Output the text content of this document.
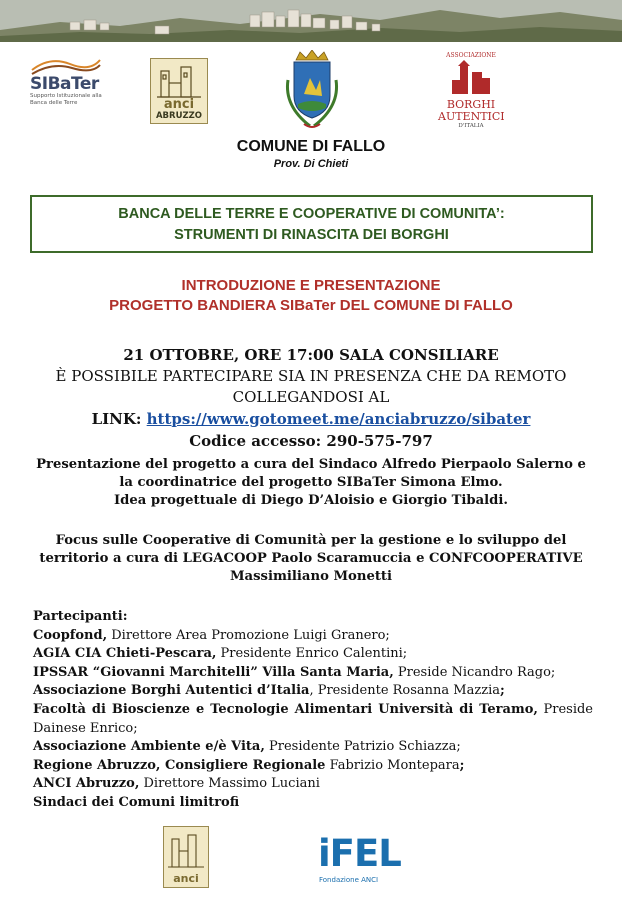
SIBaTer
Supporto Istituzionale alla Banca delle Terre	anci
ABRUZZO
ASSOCIAZIONE
BORGHI
AUTENTICI
D'ITALIA
COMUNE DI FALLO
Prov. Di Chieti
BANCA DELLE TERRE E COOPERATIVE DI COMUNITA’:
STRUMENTI DI RINASCITA DEI BORGHI
INTRODUZIONE E PRESENTAZIONE
PROGETTO BANDIERA SIBaTer DEL COMUNE DI FALLO
21 OTTOBRE, ORE 17:00 SALA CONSILIARE
È POSSIBILE PARTECIPARE SIA IN PRESENZA CHE DA REMOTO
COLLEGANDOSI AL
LINK: https://www.gotomeet.me/anciabruzzo/sibater
Codice accesso: 290-575-797
Presentazione del progetto a cura del Sindaco Alfredo Pierpaolo Salerno e
la coordinatrice del progetto SIBaTer Simona Elmo.
Idea progettuale di Diego D’Aloisio e Giorgio Tibaldi.
Focus sulle Cooperative di Comunità per la gestione e lo sviluppo del
territorio a cura di LEGACOOP Paolo Scaramuccia e CONFCOOPERATIVE
Massimiliano Monetti
Partecipanti:
Coopfond, Direttore Area Promozione Luigi Granero;
AGIA CIA Chieti-Pescara, Presidente Enrico Calentini;
IPSSAR “Giovanni Marchitelli” Villa Santa Maria, Preside Nicandro Rago;
Associazione Borghi Autentici d’Italia, Presidente Rosanna Mazzia;
Facoltà di Bioscienze e Tecnologie Alimentari Università di Teramo, Preside Dainese Enrico;
Associazione Ambiente e/è Vita, Presidente Patrizio Schiazza;
Regione Abruzzo, Consigliere Regionale Fabrizio Montepara;
ANCI Abruzzo, Direttore Massimo Luciani
Sindaci dei Comuni limitrofi
anci
iFEL
Fondazione ANCI
